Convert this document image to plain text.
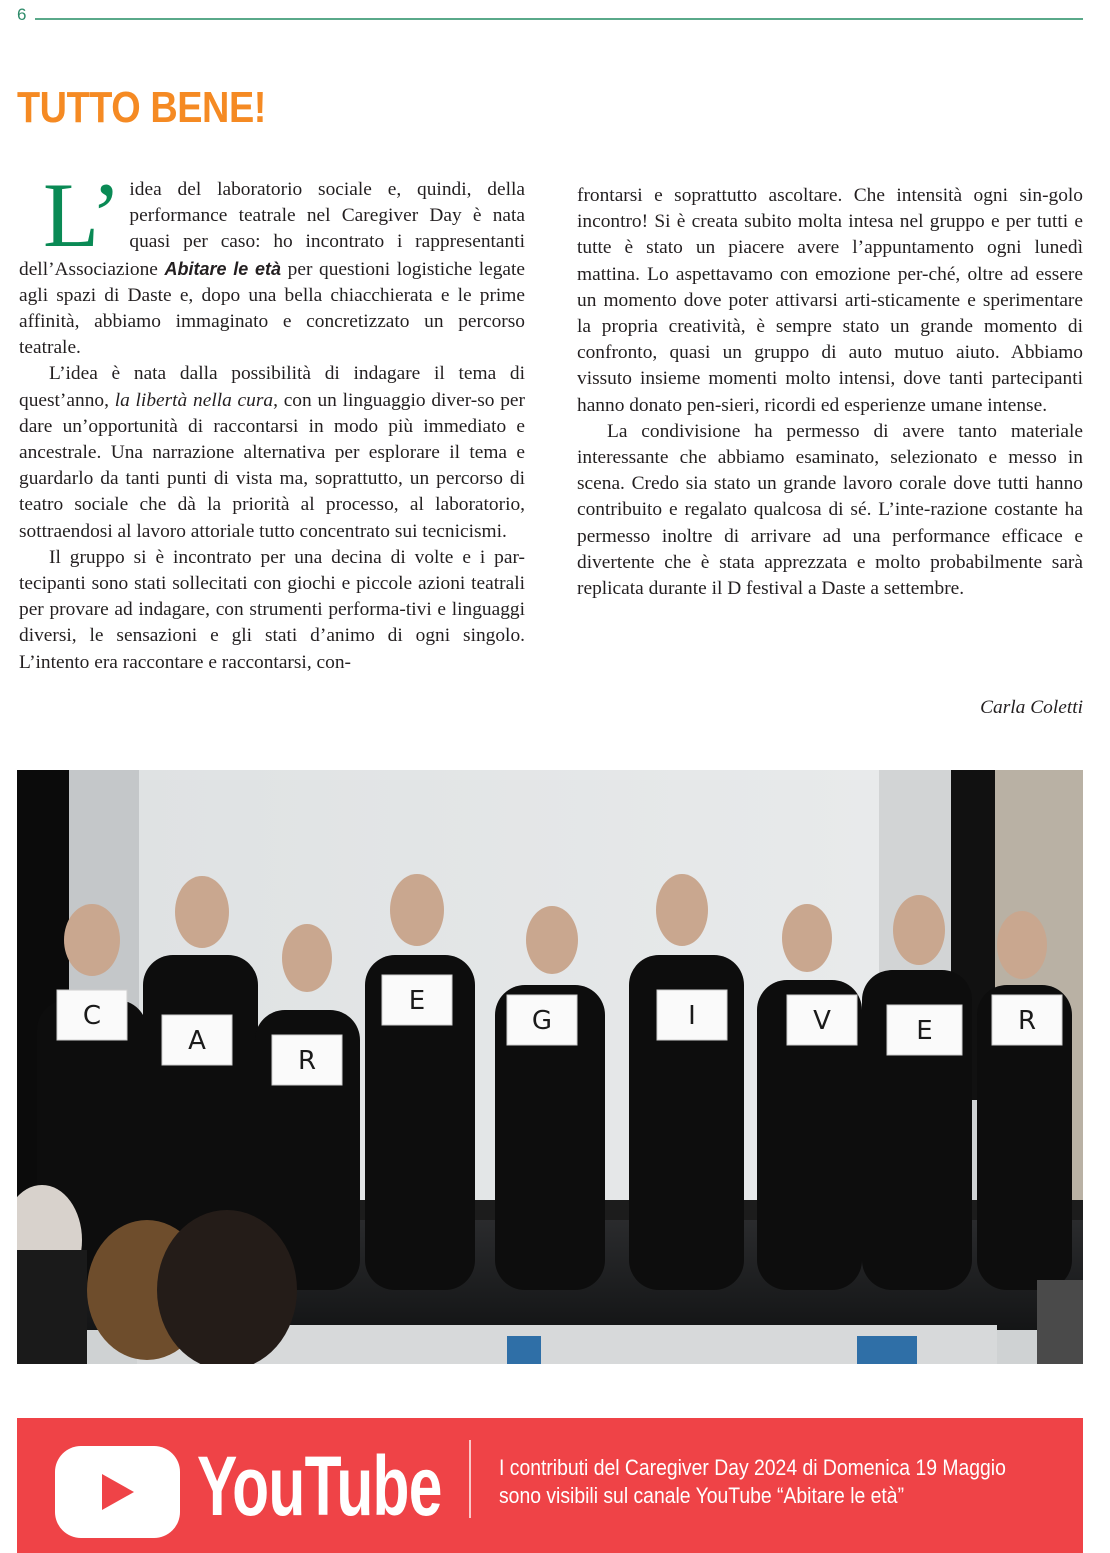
6
TUTTO BENE!

L’ idea del laboratorio sociale e, quindi, della performance teatrale nel Caregiver Day è nata quasi per caso: ho incontrato i rappresentanti dell’Associazione Abitare le età per questioni logistiche legate agli spazi di Daste e, dopo una bella chiacchierata e le prime affinità, abbiamo immaginato e concretizzato un percorso teatrale.

L’idea è nata dalla possibilità di indagare il tema di quest’anno, la libertà nella cura, con un linguaggio diver-so per dare un’opportunità di raccontarsi in modo più immediato e ancestrale. Una narrazione alternativa per esplorare il tema e guardarlo da tanti punti di vista ma, soprattutto, un percorso di teatro sociale che dà la priorità al processo, al laboratorio, sottraendosi al lavoro attoriale tutto concentrato sui tecnicismi.

Il gruppo si è incontrato per una decina di volte e i par-tecipanti sono stati sollecitati con giochi e piccole azioni teatrali per provare ad indagare, con strumenti performa-tivi e linguaggi diversi, le sensazioni e gli stati d’animo di ogni singolo. L’intento era raccontare e raccontarsi, con-

frontarsi e soprattutto ascoltare. Che intensità ogni sin-golo incontro! Si è creata subito molta intesa nel gruppo e per tutti e tutte è stato un piacere avere l’appuntamento ogni lunedì mattina. Lo aspettavamo con emozione per-ché, oltre ad essere un momento dove poter attivarsi arti-sticamente e sperimentare la propria creatività, è sempre stato un grande momento di confronto, quasi un gruppo di auto mutuo aiuto. Abbiamo vissuto insieme momenti molto intensi, dove tanti partecipanti hanno donato pen-sieri, ricordi ed esperienze umane intense.

La condivisione ha permesso di avere tanto materiale interessante che abbiamo esaminato, selezionato e messo in scena. Credo sia stato un grande lavoro corale dove tutti hanno contribuito e regalato qualcosa di sé. L’inte-razione costante ha permesso inoltre di arrivare ad una performance efficace e divertente che è stata apprezzata e molto probabilmente sarà replicata durante il D festival a Daste a settembre.

Carla Coletti
C
A
R
E
G	I	V	E	R
YouTube	I contributi del Caregiver Day 2024 di Domenica 19 Maggio
sono visibili sul canale YouTube “Abitare le età”
